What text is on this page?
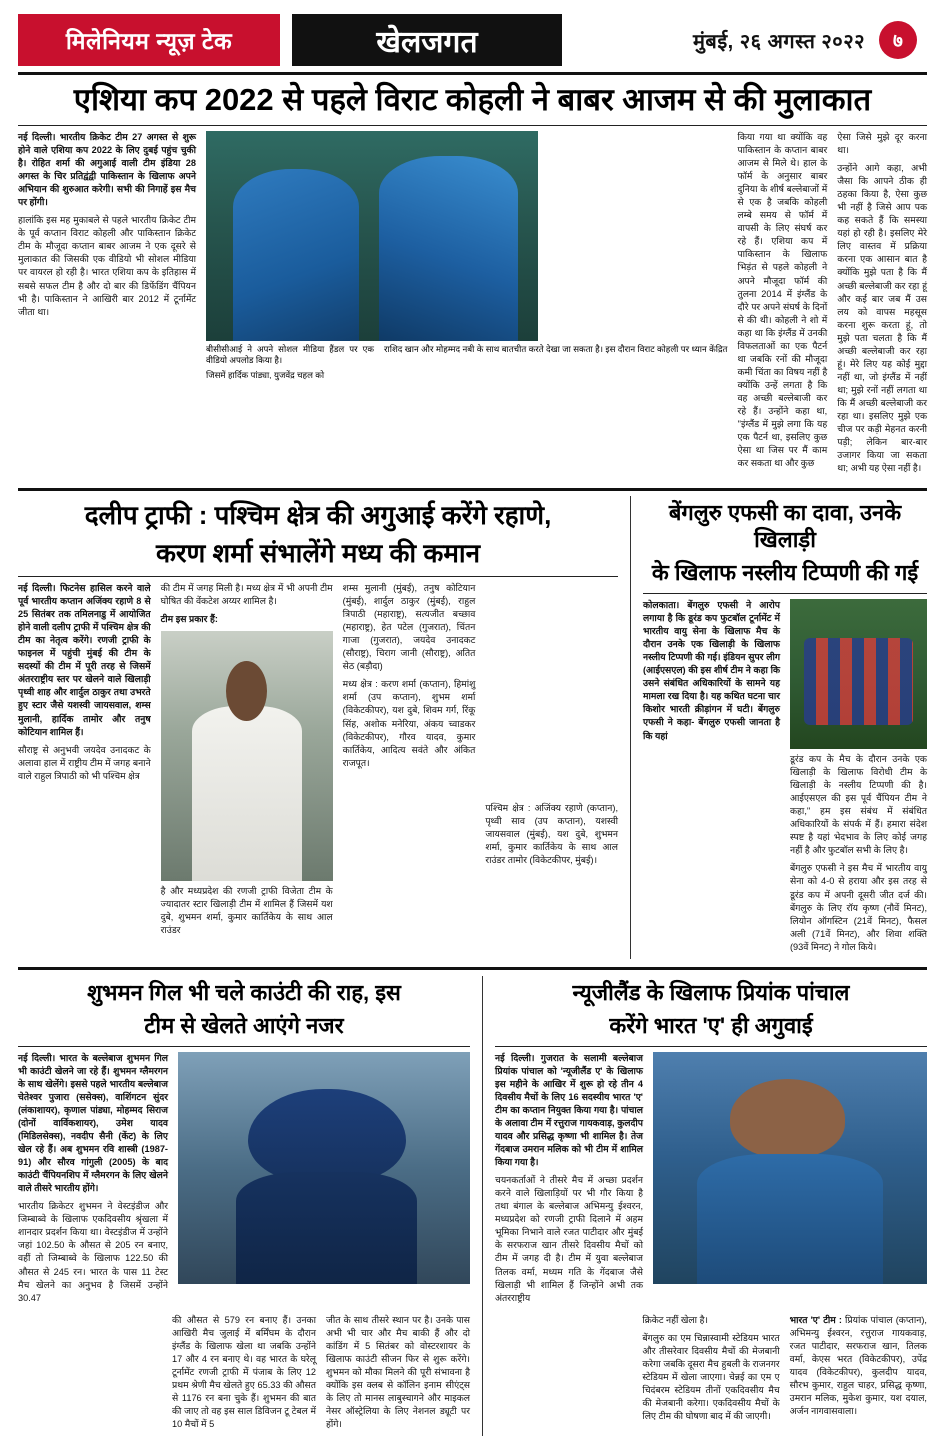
मिलेनियम न्यूज़ टेक	खेलजगत	मुंबई, २६ अगस्त २०२२	७
एशिया कप 2022 से पहले विराट कोहली ने बाबर आजम से की मुलाकात

नई दिल्ली। भारतीय क्रिकेट टीम 27 अगस्त से शुरू होने वाले एशिया कप 2022 के लिए दुबई पहुंच चुकी है। रोहित शर्मा की अगुआई वाली टीम इंडिया 28 अगस्त के चिर प्रतिद्वंद्वी पाकिस्तान के खिलाफ अपने अभियान की शुरुआत करेगी। सभी की निगाहें इस मैच पर होंगी।

हालांकि इस मह मुकाबले से पहले भारतीय क्रिकेट टीम के पूर्व कप्तान विराट कोहली और पाकिस्तान क्रिकेट टीम के मौजूदा कप्तान बाबर आजम ने एक दूसरे से मुलाकात की जिसकी एक वीडियो भी सोशल मीडिया पर वायरल हो रही है। भारत एशिया कप के इतिहास में सबसे सफल टीम है और दो बार की डिफेंडिंग चैंपियन भी है। पाकिस्तान ने आखिरी बार 2012 में टूर्नामेंट जीता था।

बीसीसीआई ने अपने सोशल मीडिया हैंडल पर एक वीडियो अपलोड किया है।
जिसमें हार्दिक पांड्या, युजवेंद्र चहल को
राशिद खान और मोहम्मद नबी के साथ बातचीत करते देखा जा सकता है। इस दौरान विराट कोहली पर ध्यान केंद्रित

किया गया था क्योंकि वह पाकिस्तान के कप्तान बाबर आजम से मिले थे। हाल के फॉर्म के अनुसार बाबर दुनिया के शीर्ष बल्लेबाजों में से एक है जबकि कोहली लम्बे समय से फॉर्म में वापसी के लिए संघर्ष कर रहे हैं। एशिया कप में पाकिस्तान के खिलाफ भिड़ंत से पहले कोहली ने अपने मौजूदा फॉर्म की तुलना 2014 में इंग्लैंड के दौरे पर अपने संघर्ष के दिनों से की थी। कोहली ने शो में कहा था कि इंग्लैंड में उनकी विफलताओं का एक पैटर्न था जबकि रनों की मौजूदा कमी चिंता का विषय नहीं है क्योंकि उन्हें लगता है कि वह अच्छी बल्लेबाजी कर रहे हैं। उन्होंने कहा था, ''इंग्लैंड में मुझे लगा कि यह एक पैटर्न था, इसलिए कुछ ऐसा था जिस पर मैं काम कर सकता था और कुछ

ऐसा जिसे मुझे दूर करना था।

उन्होंने आगे कहा, अभी जैसा कि आपने ठीक ही ठहका किया है, ऐसा कुछ भी नहीं है जिसे आप पक कह सकते हैं कि समस्या यहां हो रही है। इसलिए मेरे लिए वास्तव में प्रक्रिया करना एक आसान बात है क्योंकि मुझे पता है कि मैं अच्छी बल्लेबाजी कर रहा हूं और कई बार जब मैं उस लय को वापस महसूस करना शुरू करता हूं, तो मुझे पता चलता है कि मैं अच्छी बल्लेबाजी कर रहा हूं। मेरे लिए यह कोई मुद्दा नहीं था, जो इंग्लैंड में नहीं था; मुझे रनों नहीं लगता था कि मैं अच्छी बल्लेबाजी कर रहा था। इसलिए मुझे एक चीज पर कड़ी मेहनत करनी पड़ी; लेकिन बार-बार उजागर किया जा सकता था; अभी यह ऐसा नहीं है।

दलीप ट्राफी : पश्चिम क्षेत्र की अगुआई करेंगे रहाणे,
करण शर्मा संभालेंगे मध्य की कमान

नई दिल्ली। फिटनेस हासिल करने वाले पूर्व भारतीय कप्तान अजिंक्य रहाणे 8 से 25 सितंबर तक तमिलनाडु में आयोजित होने वाली दलीप ट्राफी में पश्चिम क्षेत्र की टीम का नेतृत्व करेंगे। रणजी ट्राफी के फाइनल में पहुंची मुंबई की टीम के सदस्यों की टीम में पूरी तरह से जिसमें अंतरराष्ट्रीय स्तर पर खेलने वाले खिलाड़ी पृथ्वी शाह और शार्दुल ठाकुर तथा उभरते हुए स्टार जैसे यशस्वी जायसवाल, शम्स मुलानी, हार्दिक तामोर और तनुष कोटियान शामिल हैं।

सौराष्ट्र से अनुभवी जयदेव उनादकट के अलावा हाल में राष्ट्रीय टीम में जगह बनाने वाले राहुल त्रिपाठी को भी पश्चिम क्षेत्र

की टीम में जगह मिली है। मध्य क्षेत्र में भी अपनी टीम घोषित की वेंकटेश अय्यर शामिल है।

टीम इस प्रकार हैं:

है और मध्यप्रदेश की रणजी ट्राफी विजेता टीम के ज्यादातर स्टार खिलाड़ी टीम में शामिल हैं जिसमें यश दुबे, शुभमन शर्मा, कुमार कार्तिकेय के साथ आल राउंडर

शम्स मुलानी (मुंबई), तनुष कोटियान (मुंबई), शार्दुल ठाकुर (मुंबई), राहुल त्रिपाठी (महाराष्ट्र), सत्यजीत बच्छाव (महाराष्ट्र), हेत पटेल (गुजरात), चिंतन गाजा (गुजरात), जयदेव उनादकट (सौराष्ट्र), चिराग जानी (सौराष्ट्र), अतित सेठ (बड़ौदा)

मध्य क्षेत्र : करण शर्मा (कप्तान), हिमांशु शर्मा (उप कप्तान), शुभम शर्मा (विकेटकीपर), यश दुबे, शिवम गर्ग, रिंकू सिंह, अशोक मनेरिया, अंकय च्वाडकर (विकेटकीपर), गौरव यादव, कुमार कार्तिकेय, आदित्य सवंते और अंकित राजपूत।

पश्चिम क्षेत्र : अजिंक्य रहाणे (कप्तान), पृथ्वी साव (उप कप्तान), यशस्वी जायसवाल (मुंबई), यश दुबे, शुभमन शर्मा, कुमार कार्तिकेय के साथ आल राउंडर तामोर (विकेटकीपर, मुंबई)।

बेंगलुरु एफसी का दावा, उनके खिलाड़ी
के खिलाफ नस्लीय टिप्पणी की गई

कोलकाता। बेंगलुरु एफसी ने आरोप लगाया है कि डूरंड कप फुटबॉल टूर्नामेंट में भारतीय वायु सेना के खिलाफ मैच के दौरान उनके एक खिलाड़ी के खिलाफ नस्लीय टिप्पणी की गई। इंडियन सुपर लीग (आईएसएल) की इस शीर्ष टीम ने कहा कि उसने संबंधित अधिकारियों के सामने यह मामला रख दिया है। यह कथित घटना चार किशोर भारती क्रीड़ांगन में घटी। बेंगलुरु एफसी ने कहा- बेंगलुरु एफसी जानता है कि यहां

डूरंड कप के मैच के दौरान उनके एक खिलाड़ी के खिलाफ विरोधी टीम के खिलाड़ी के नस्लीय टिप्पणी की है। आईएसएल की इस पूर्व चैंपियन टीम ने कहा,'' हम इस संबंध में संबंधित अधिकारियों के संपर्क में हैं। हमारा संदेश स्पष्ट है यहां भेदभाव के लिए कोई जगह नहीं है और फुटबॉल सभी के लिए है।

बेंगलुरु एफसी ने इस मैच में भारतीय वायु सेना को 4-0 से हराया और इस तरह से डूरंड कप में अपनी दूसरी जीत दर्ज की। बेंगलुरु के लिए रॉय कृष्ण (नौवें मिनट), लियोन ऑगस्टिन (21वें मिनट), फैसल अली (71वें मिनट), और शिवा शक्ति (93वें मिनट) ने गोल किये।

शुभमन गिल भी चले काउंटी की राह, इस
टीम से खेलते आएंगे नजर

नई दिल्ली। भारत के बल्लेबाज शुभमन गिल भी काउंटी खेलने जा रहे हैं। शुभमन ग्लैमरगन के साथ खेलेंगे। इससे पहले भारतीय बल्लेबाज चेतेश्वर पुजारा (ससेक्स), वाशिंगटन सुंदर (लंकाशायर), कृणाल पांड्या, मोहम्मद सिराज (दोनों वार्विकशायर), उमेश यादव (मिडिलसेक्स), नवदीप सैनी (केंट) के लिए खेल रहे हैं। अब शुभमन रवि शास्त्री (1987-91) और सौरव गांगुली (2005) के बाद काउंटी चैंपियनशिप में ग्लैमरगन के लिए खेलने वाले तीसरे भारतीय होंगे।

भारतीय क्रिकेटर शुभमन ने वेस्टइंडीज और जिम्बाब्वे के खिलाफ एकदिवसीय श्रृंखला में शानदार प्रदर्शन किया था। वेस्टइंडीज में उन्होंने जहां 102.50 के औसत से 205 रन बनाए, वहीं तो जिम्बाब्वे के खिलाफ 122.50 की औसत से 245 रन। भारत के पास 11 टेस्ट मैच खेलने का अनुभव है जिसमें उन्होंने 30.47

की औसत से 579 रन बनाए हैं। उनका आखिरी मैच जुलाई में बर्मिंघम के दौरान इंग्लैंड के खिलाफ खेला था जबकि उन्होंने 17 और 4 रन बनाए थे। वह भारत के घरेलू टूर्नामेंट रणजी ट्राफी में पंजाब के लिए 12 प्रथम श्रेणी मैच खेलते हुए 65.33 की औसत से 1176 रन बना चुके हैं। शुभमन की बात की जाए तो वह इस साल डिविजन टू टेबल में 10 मैचों में 5

जीत के साथ तीसरे स्थान पर है। उनके पास अभी भी चार और मैच बाकी हैं और दो कांडिंग में 5 सितंबर को वोस्टरशायर के खिलाफ काउंटी सीजन फिर से शुरू करेंगे। शुभमन को मौका मिलने की पूरी संभावना है क्योंकि इस क्लब से कॉलिन इनाम सीएंट्स के लिए तो मानस लाबुस्चागने और माइकल नेसर ऑस्ट्रेलिया के लिए नेशनल ड्यूटी पर होंगे।

न्यूजीलैंड के खिलाफ प्रियांक पांचाल
करेंगे भारत 'ए' ही अगुवाई

नई दिल्ली। गुजरात के सलामी बल्लेबाज प्रियांक पांचाल को 'न्यूजीलैंड ए' के खिलाफ इस महीने के आखिर में शुरू हो रहे तीन 4 दिवसीय मैचों के लिए 16 सदस्यीय भारत 'ए' टीम का कप्तान नियुक्त किया गया है। पांचाल के अलावा टीम में रत्तुराज गायकवाड़, कुलदीप यादव और प्रसिद्ध कृष्णा भी शामिल है। तेज गेंदबाज उमरान मलिक को भी टीम में शामिल किया गया है।

चयनकर्ताओं ने तीसरे मैच में अच्छा प्रदर्शन करने वाले खिलाड़ियों पर भी गौर किया है तथा बंगाल के बल्लेबाज अभिमन्यु ईश्वरन, मध्यप्रदेश को रणजी ट्राफी दिलाने में अहम भूमिका निभाने वाले रजत पाटीदार और मुंबई के सरफराज खान तीसरे दिवसीय मैचों को टीम में जगह दी है। टीम में युवा बल्लेबाज तिलक वर्मा, मध्यम गति के गेंदबाज जैसे खिलाड़ी भी शामिल हैं जिन्होंने अभी तक अंतरराष्ट्रीय

क्रिकेट नहीं खेला है।

बेंगलुरु का एम चिन्नास्वामी स्टेडियम भारत और तीसरेवार दिवसीय मैचों की मेजबानी करेगा जबकि दूसरा मैच हुबली के राजनगर स्टेडियम में खेला जाएगा। चेन्नई का एम ए चिदंबरम स्टेडियम तीनों एकदिवसीय मैच की मेजबानी करेगा। एकदिवसीय मैचों के लिए टीम की घोषणा बाद में की जाएगी।

भारत 'ए' टीम : प्रियांक पांचाल (कप्तान), अभिमन्यु ईश्वरन, रत्तुराज गायकवाड़, रजत पाटीदार, सरफराज खान, तिलक वर्मा, केएस भरत (विकेटकीपर), उपेंद्र यादव (विकेटकीपर), कुलदीप यादव, सौरभ कुमार, राहुल चाहर, प्रसिद्ध कृष्णा, उमरान मलिक, मुकेश कुमार, यश दयाल, अर्जन नागवासवाला।
